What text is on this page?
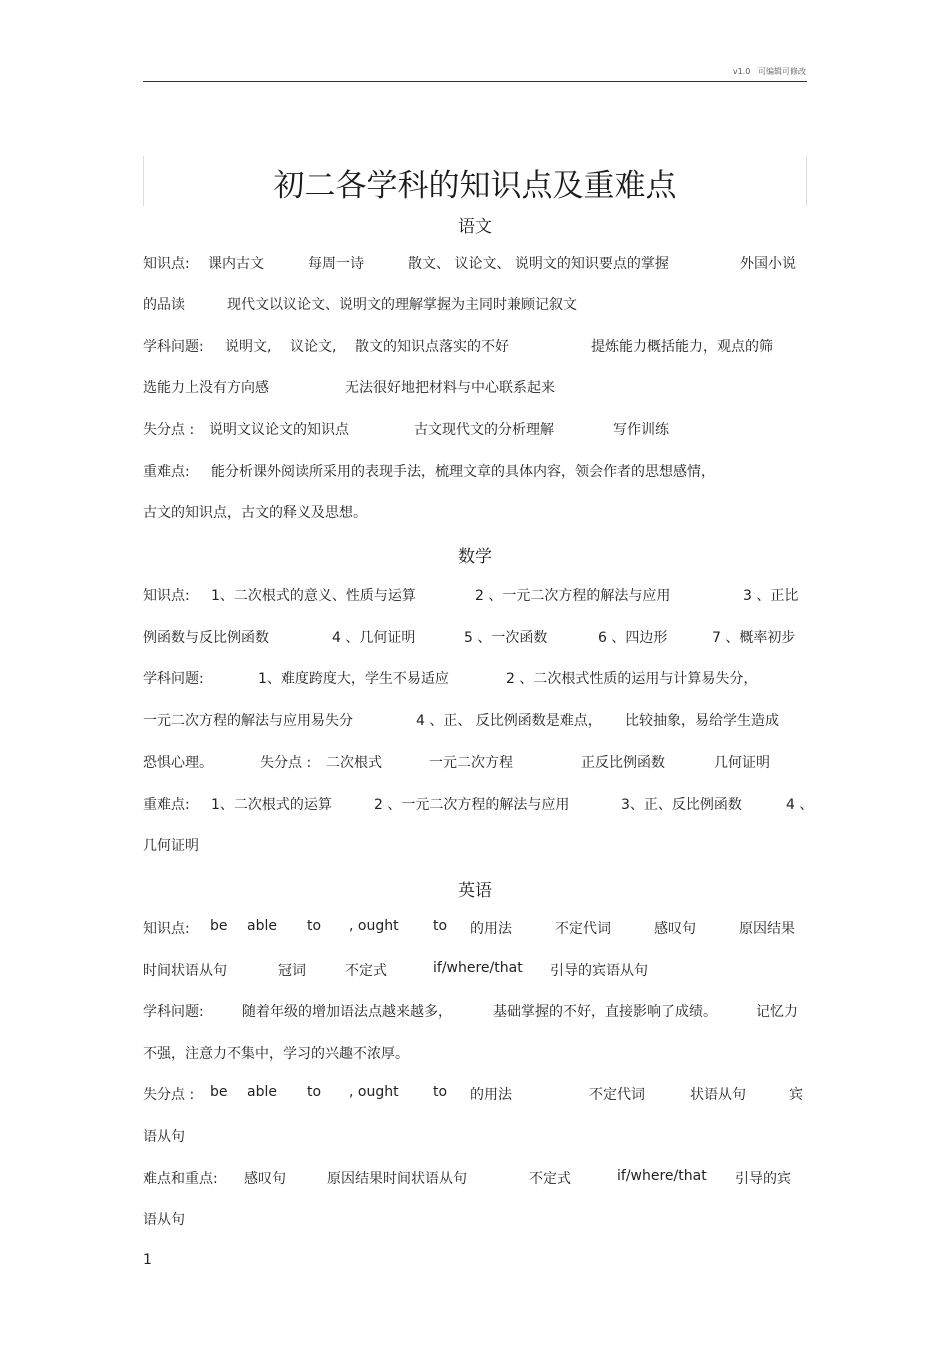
v1.0 可编辑可修改
初二各学科的知识点及重难点
语文
知识点: 课内古文	每周一诗	散文、 议论文、 说明文的知识要点的掌握	外国小说
的品读	现代文以议论文、说明文的理解掌握为主同时兼顾记叙文
学科问题: 说明文, 议论文, 散文的知识点落实的不好	提炼能力概括能力，观点的筛
选能力上没有方向感	无法很好地把材料与中心联系起来
失分点 : 说明文议论文的知识点	古文现代文的分析理解	写作训练
重难点: 能分析课外阅读所采用的表现手法，梳理文章的具体内容，领会作者的思想感情，
古文的知识点，古文的释义及思想。
数学
知识点: 1、二次根式的意义、性质与运算	2 、一元二次方程的解法与应用	3 、正比
例函数与反比例函数	4 、几何证明	5 、一次函数	6 、四边形	7 、概率初步
学科问题:	1、难度跨度大，学生不易适应	2 、二次根式性质的运用与计算易失分，
一元二次方程的解法与应用易失分	4 、正、 反比例函数是难点， 比较抽象，易给学生造成
恐惧心理。	失分点 : 二次根式	一元二次方程	正反比例函数	几何证明
重难点: 1、二次根式的运算	2 、一元二次方程的解法与应用	3、正、反比例函数	4 、
几何证明
英语
知识点: be able to , ought to 的用法	不定代词	感叹句	原因结果
时间状语从句	冠词	不定式	if/where/that 引导的宾语从句
学科问题:	随着年级的增加语法点越来越多，	基础掌握的不好，直接影响了成绩。	记忆力
不强，注意力不集中，学习的兴趣不浓厚。
失分点 : be able to , ought to 的用法	不定代词	状语从句	宾
语从句
难点和重点: 感叹句	原因结果时间状语从句	不定式	if/where/that 引导的宾
语从句
1
